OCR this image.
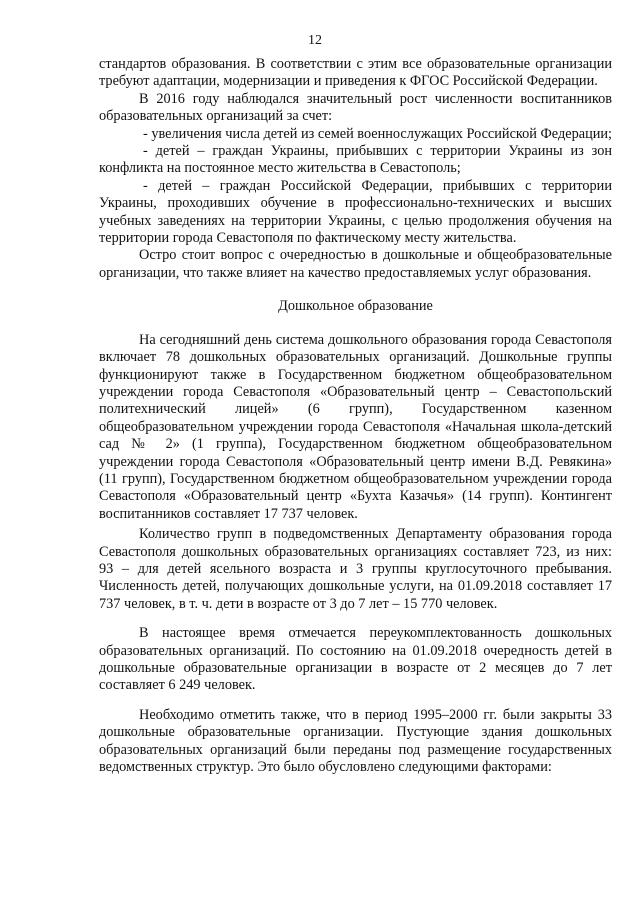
12

стандартов образования. В соответствии с этим все образовательные организации требуют адаптации, модернизации и приведения к ФГОС Российской Федерации.

В 2016 году наблюдался значительный рост численности воспитанников образовательных организаций за счет:

- увеличения числа детей из семей военнослужащих Российской Федерации;

- детей – граждан Украины, прибывших с территории Украины из зон конфликта на постоянное место жительства в Севастополь;

- детей – граждан Российской Федерации, прибывших с территории Украины, проходивших обучение в профессионально-технических и высших учебных заведениях на территории Украины, с целью продолжения обучения на территории города Севастополя по фактическому месту жительства.

Остро стоит вопрос с очередностью в дошкольные и общеобразовательные организации, что также влияет на качество предоставляемых услуг образования.

Дошкольное образование

На сегодняшний день система дошкольного образования города Севастополя включает 78 дошкольных образовательных организаций. Дошкольные группы функционируют также в Государственном бюджетном общеобразовательном учреждении города Севастополя «Образовательный центр – Севастопольский политехнический лицей» (6 групп), Государственном казенном общеобразовательном учреждении города Севастополя «Начальная школа-детский сад № 2» (1 группа), Государственном бюджетном общеобразовательном учреждении города Севастополя «Образовательный центр имени В.Д. Ревякина» (11 групп), Государственном бюджетном общеобразовательном учреждении города Севастополя «Образовательный центр «Бухта Казачья» (14 групп). Контингент воспитанников составляет 17 737 человек.

Количество групп в подведомственных Департаменту образования города Севастополя дошкольных образовательных организациях составляет 723, из них: 93 – для детей ясельного возраста и 3 группы круглосуточного пребывания. Численность детей, получающих дошкольные услуги, на 01.09.2018 составляет 17 737 человек, в т. ч. дети в возрасте от 3 до 7 лет – 15 770 человек.

В настоящее время отмечается переукомплектованность дошкольных образовательных организаций. По состоянию на 01.09.2018 очередность детей в дошкольные образовательные организации в возрасте от 2 месяцев до 7 лет составляет 6 249 человек.

Необходимо отметить также, что в период 1995–2000 гг. были закрыты 33 дошкольные образовательные организации. Пустующие здания дошкольных образовательных организаций были переданы под размещение государственных ведомственных структур. Это было обусловлено следующими факторами:
